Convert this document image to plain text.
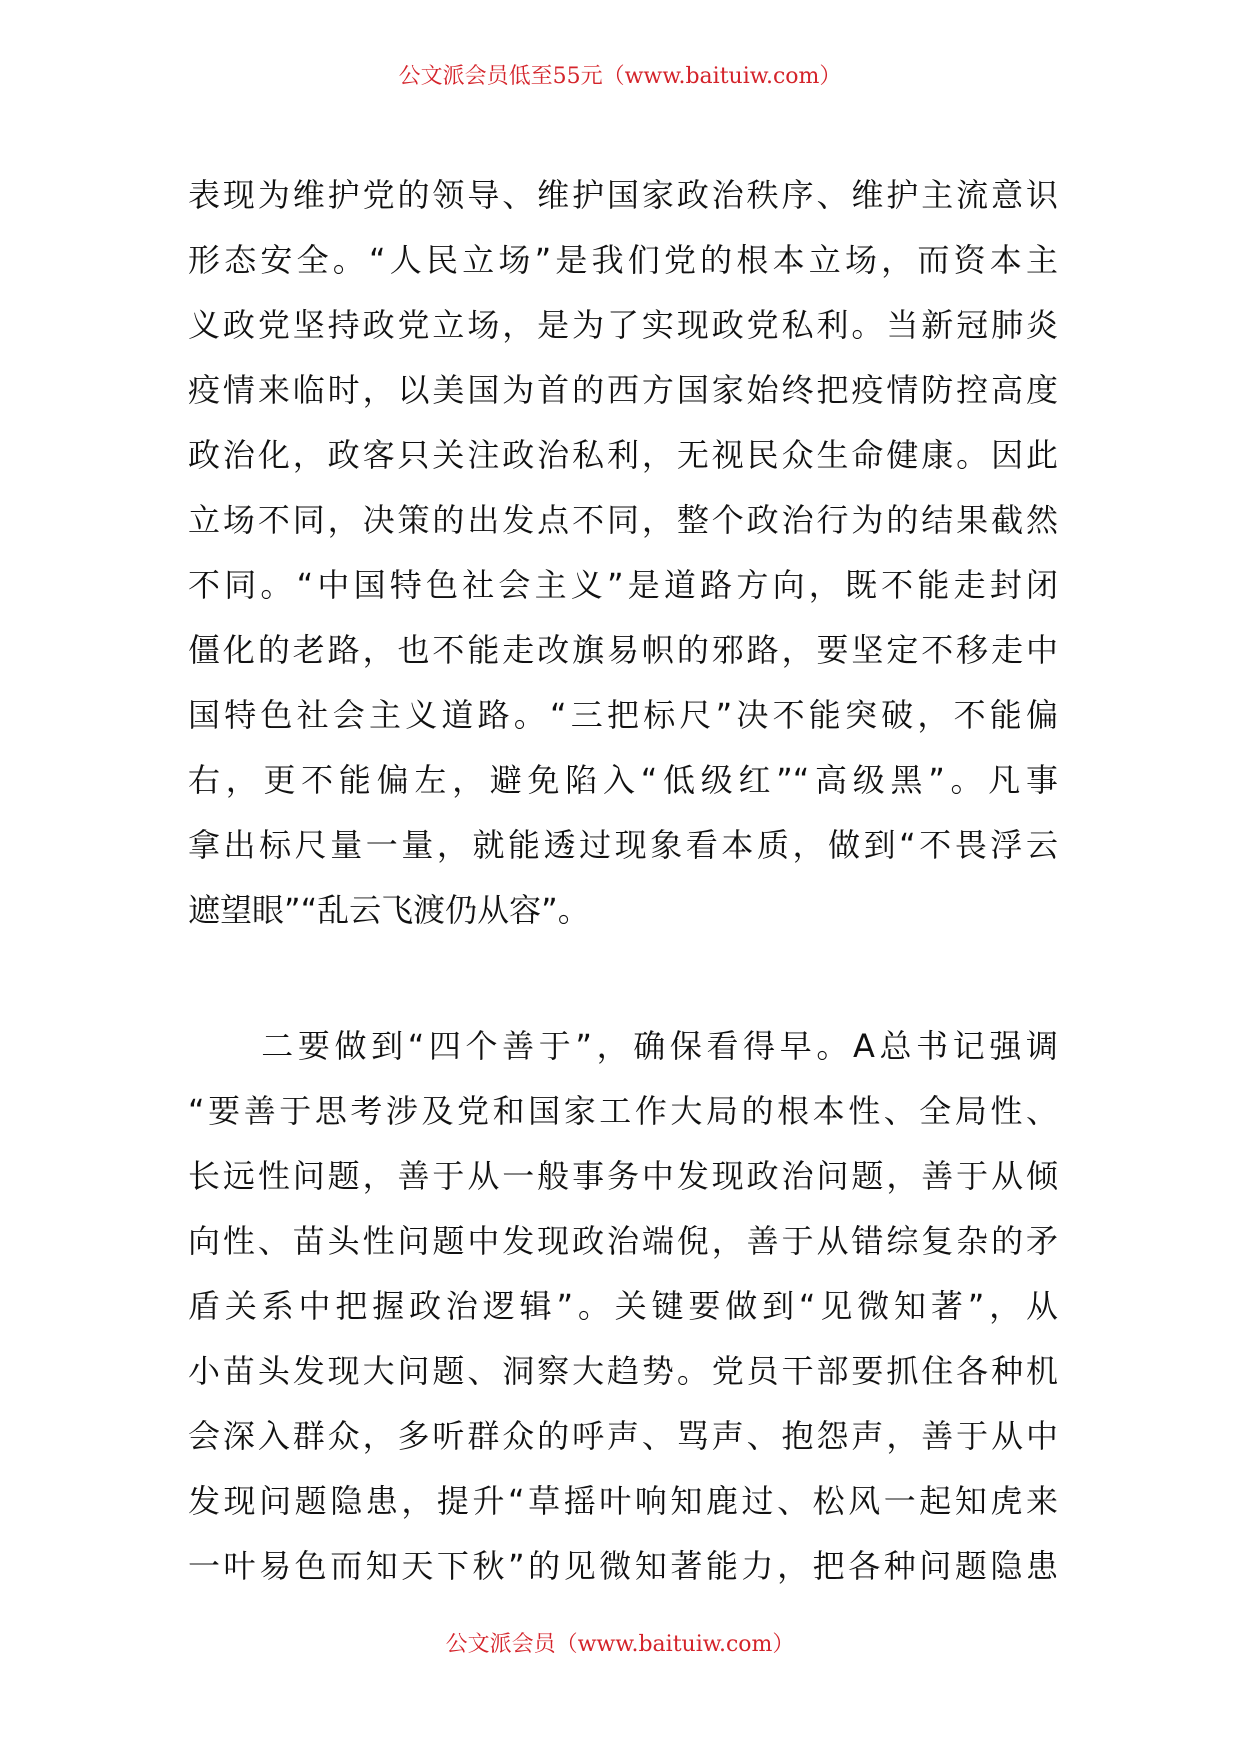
公文派会员低至55元（www.baituiw.com）
表现为维护党的领导、维护国家政治秩序、维护主流意识
形态安全。“人民立场”是我们党的根本立场，而资本主
义政党坚持政党立场，是为了实现政党私利。当新冠肺炎
疫情来临时，以美国为首的西方国家始终把疫情防控高度
政治化，政客只关注政治私利，无视民众生命健康。因此
立场不同，决策的出发点不同，整个政治行为的结果截然
不同。“中国特色社会主义”是道路方向，既不能走封闭
僵化的老路，也不能走改旗易帜的邪路，要坚定不移走中
国特色社会主义道路。“三把标尺”决不能突破，不能偏
右，更不能偏左，避免陷入“低级红”“高级黑”。凡事
拿出标尺量一量，就能透过现象看本质，做到“不畏浮云
遮望眼”“乱云飞渡仍从容”。
　　二要做到“四个善于”，确保看得早。A总书记强调
“要善于思考涉及党和国家工作大局的根本性、全局性、
长远性问题，善于从一般事务中发现政治问题，善于从倾
向性、苗头性问题中发现政治端倪，善于从错综复杂的矛
盾关系中把握政治逻辑”。关键要做到“见微知著”，从
小苗头发现大问题、洞察大趋势。党员干部要抓住各种机
会深入群众，多听群众的呼声、骂声、抱怨声，善于从中
发现问题隐患，提升“草摇叶响知鹿过、松风一起知虎来
一叶易色而知天下秋”的见微知著能力，把各种问题隐患
公文派会员（www.baituiw.com）
